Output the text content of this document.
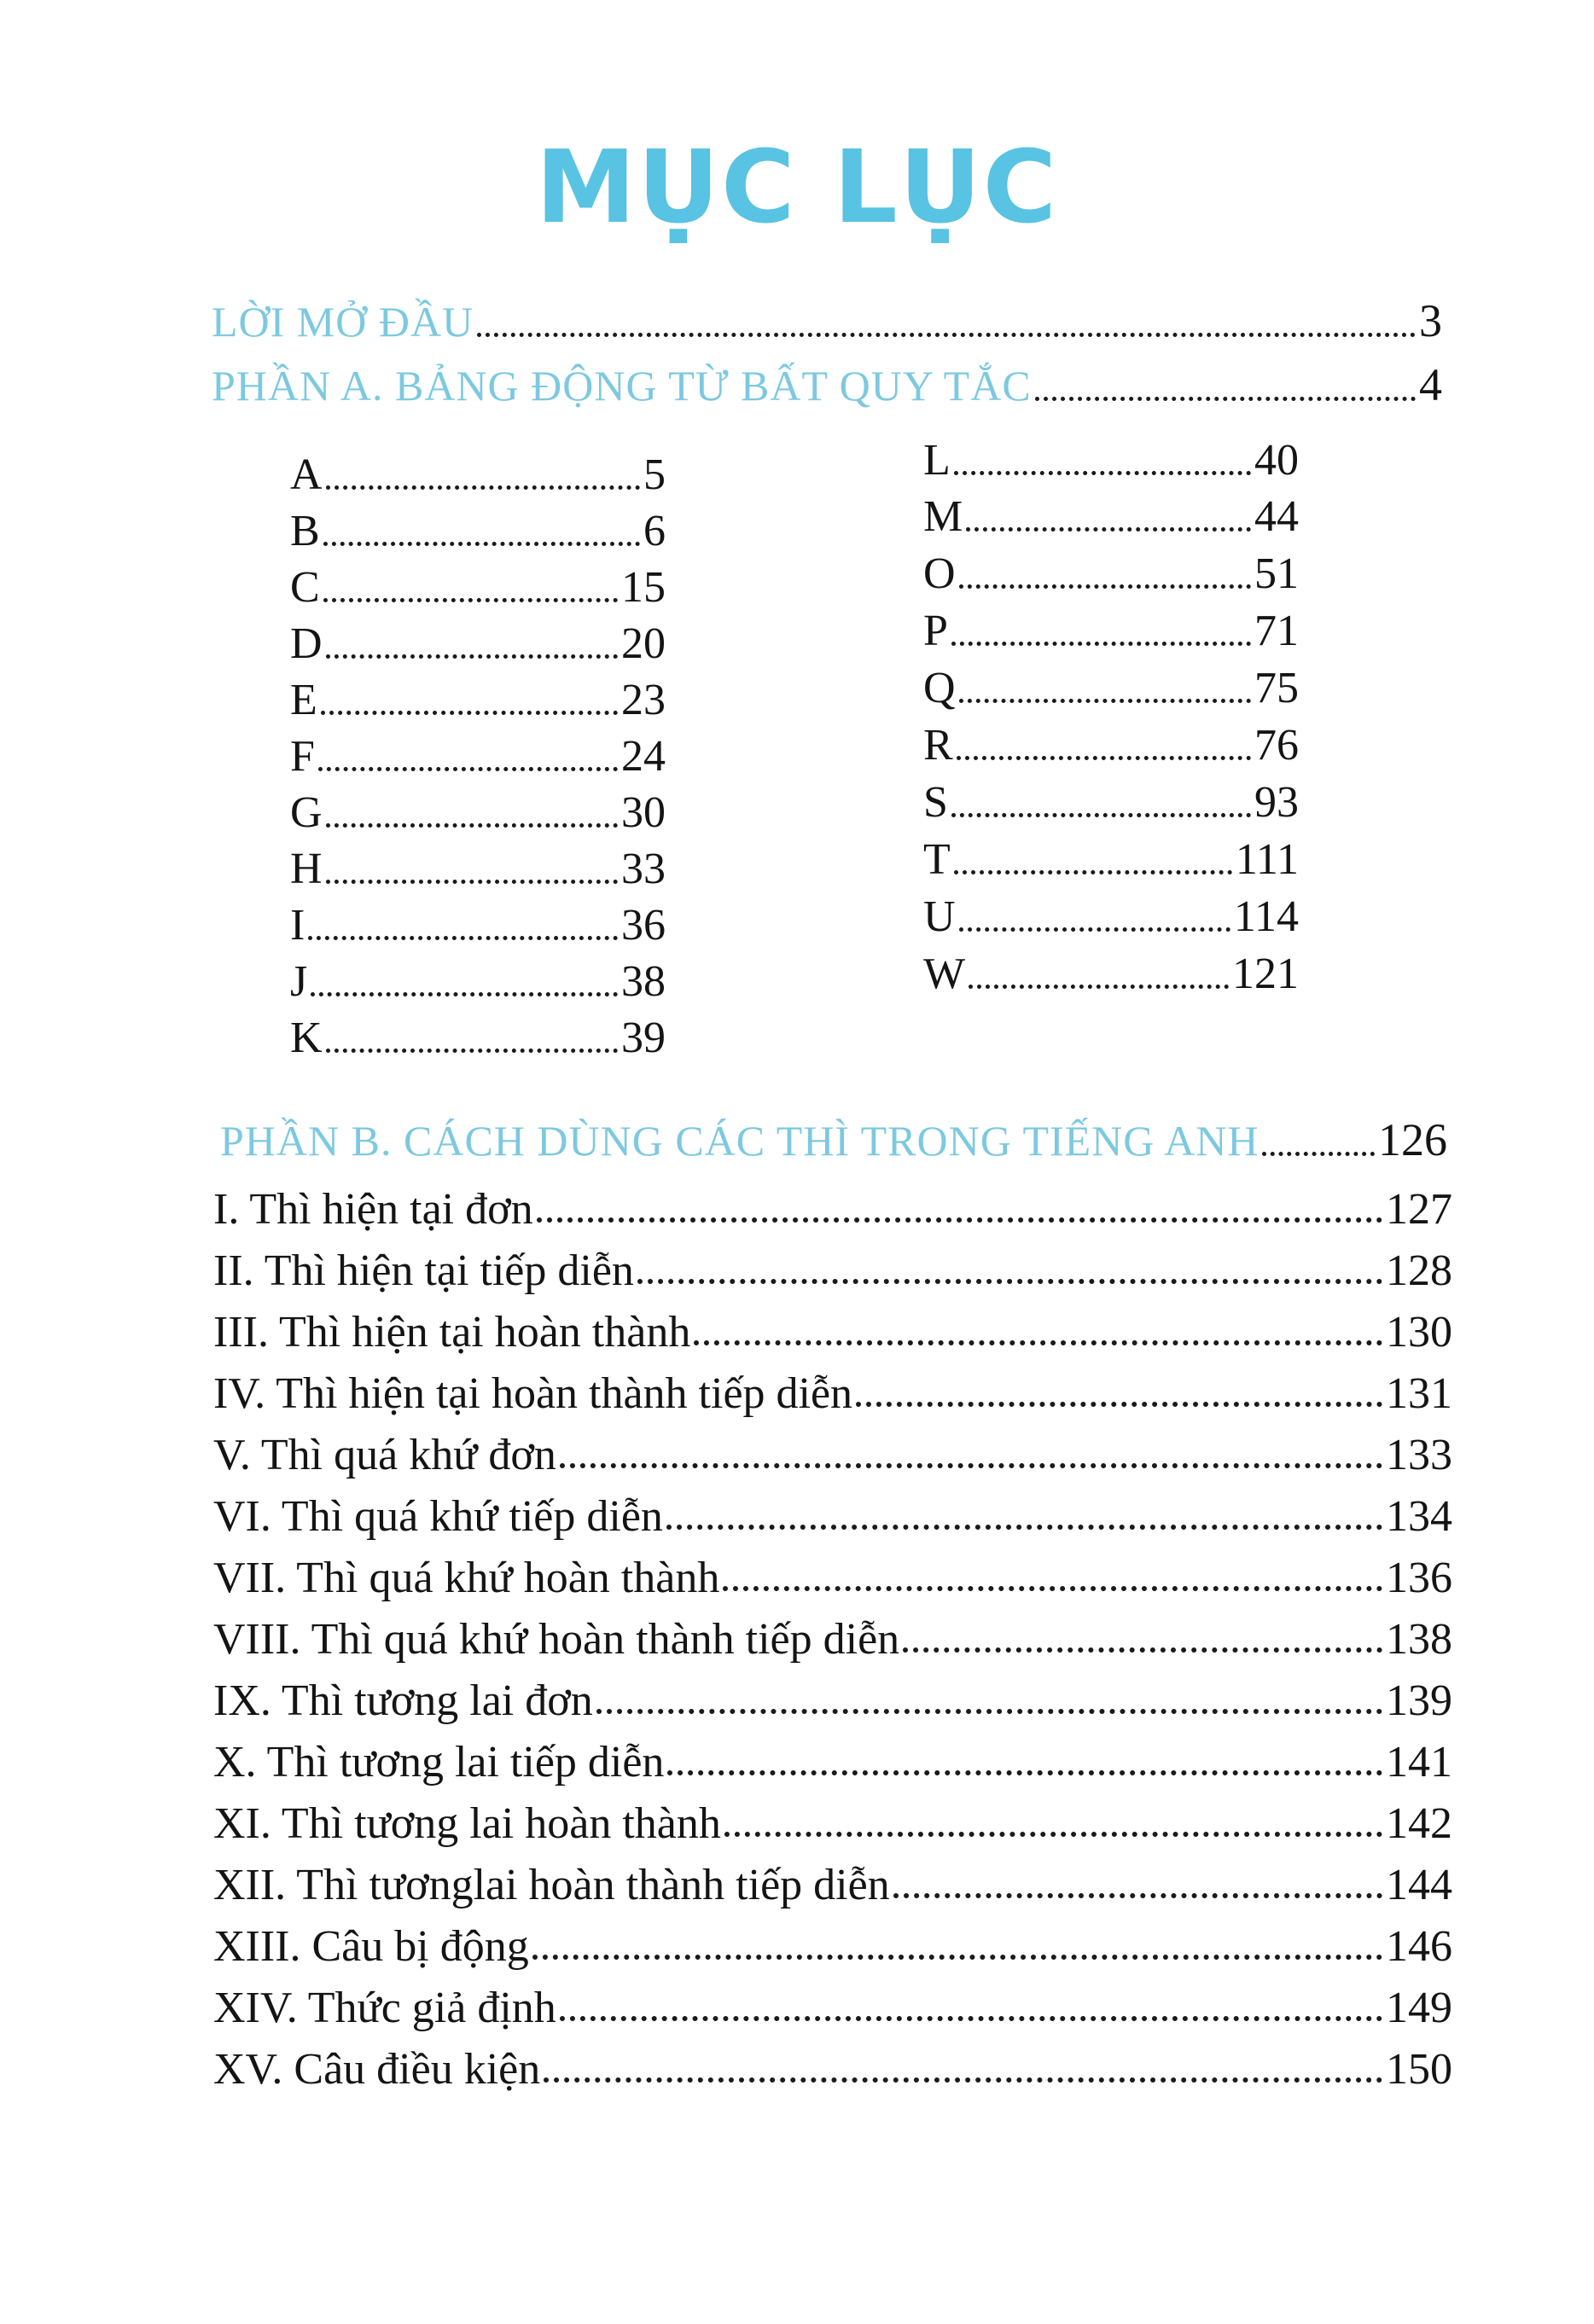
MỤC LỤC
LỜI MỞ ĐẦU	3
PHẦN A. BẢNG ĐỘNG TỪ BẤT QUY TẮC	4
A	5
B	6
C	15
D	20
E	23
F	24
G	30
H	33
I	36
J	38
K	39
L	40
M	44
O	51
P	71
Q	75
R	76
S	93
T	111
U	114
W	121
PHẦN B. CÁCH DÙNG CÁC THÌ TRONG TIẾNG ANH	126
I. Thì hiện tại đơn	127
II. Thì hiện tại tiếp diễn	128
III. Thì hiện tại hoàn thành	130
IV. Thì hiện tại hoàn thành tiếp diễn	131
V. Thì quá khứ đơn	133
VI. Thì quá khứ tiếp diễn	134
VII. Thì quá khứ hoàn thành	136
VIII. Thì quá khứ hoàn thành tiếp diễn	138
IX. Thì tương lai đơn	139
X. Thì tương lai tiếp diễn	141
XI. Thì tương lai hoàn thành	142
XII. Thì tươnglai hoàn thành tiếp diễn	144
XIII. Câu bị động	146
XIV. Thức giả định	149
XV. Câu điều kiện	150
